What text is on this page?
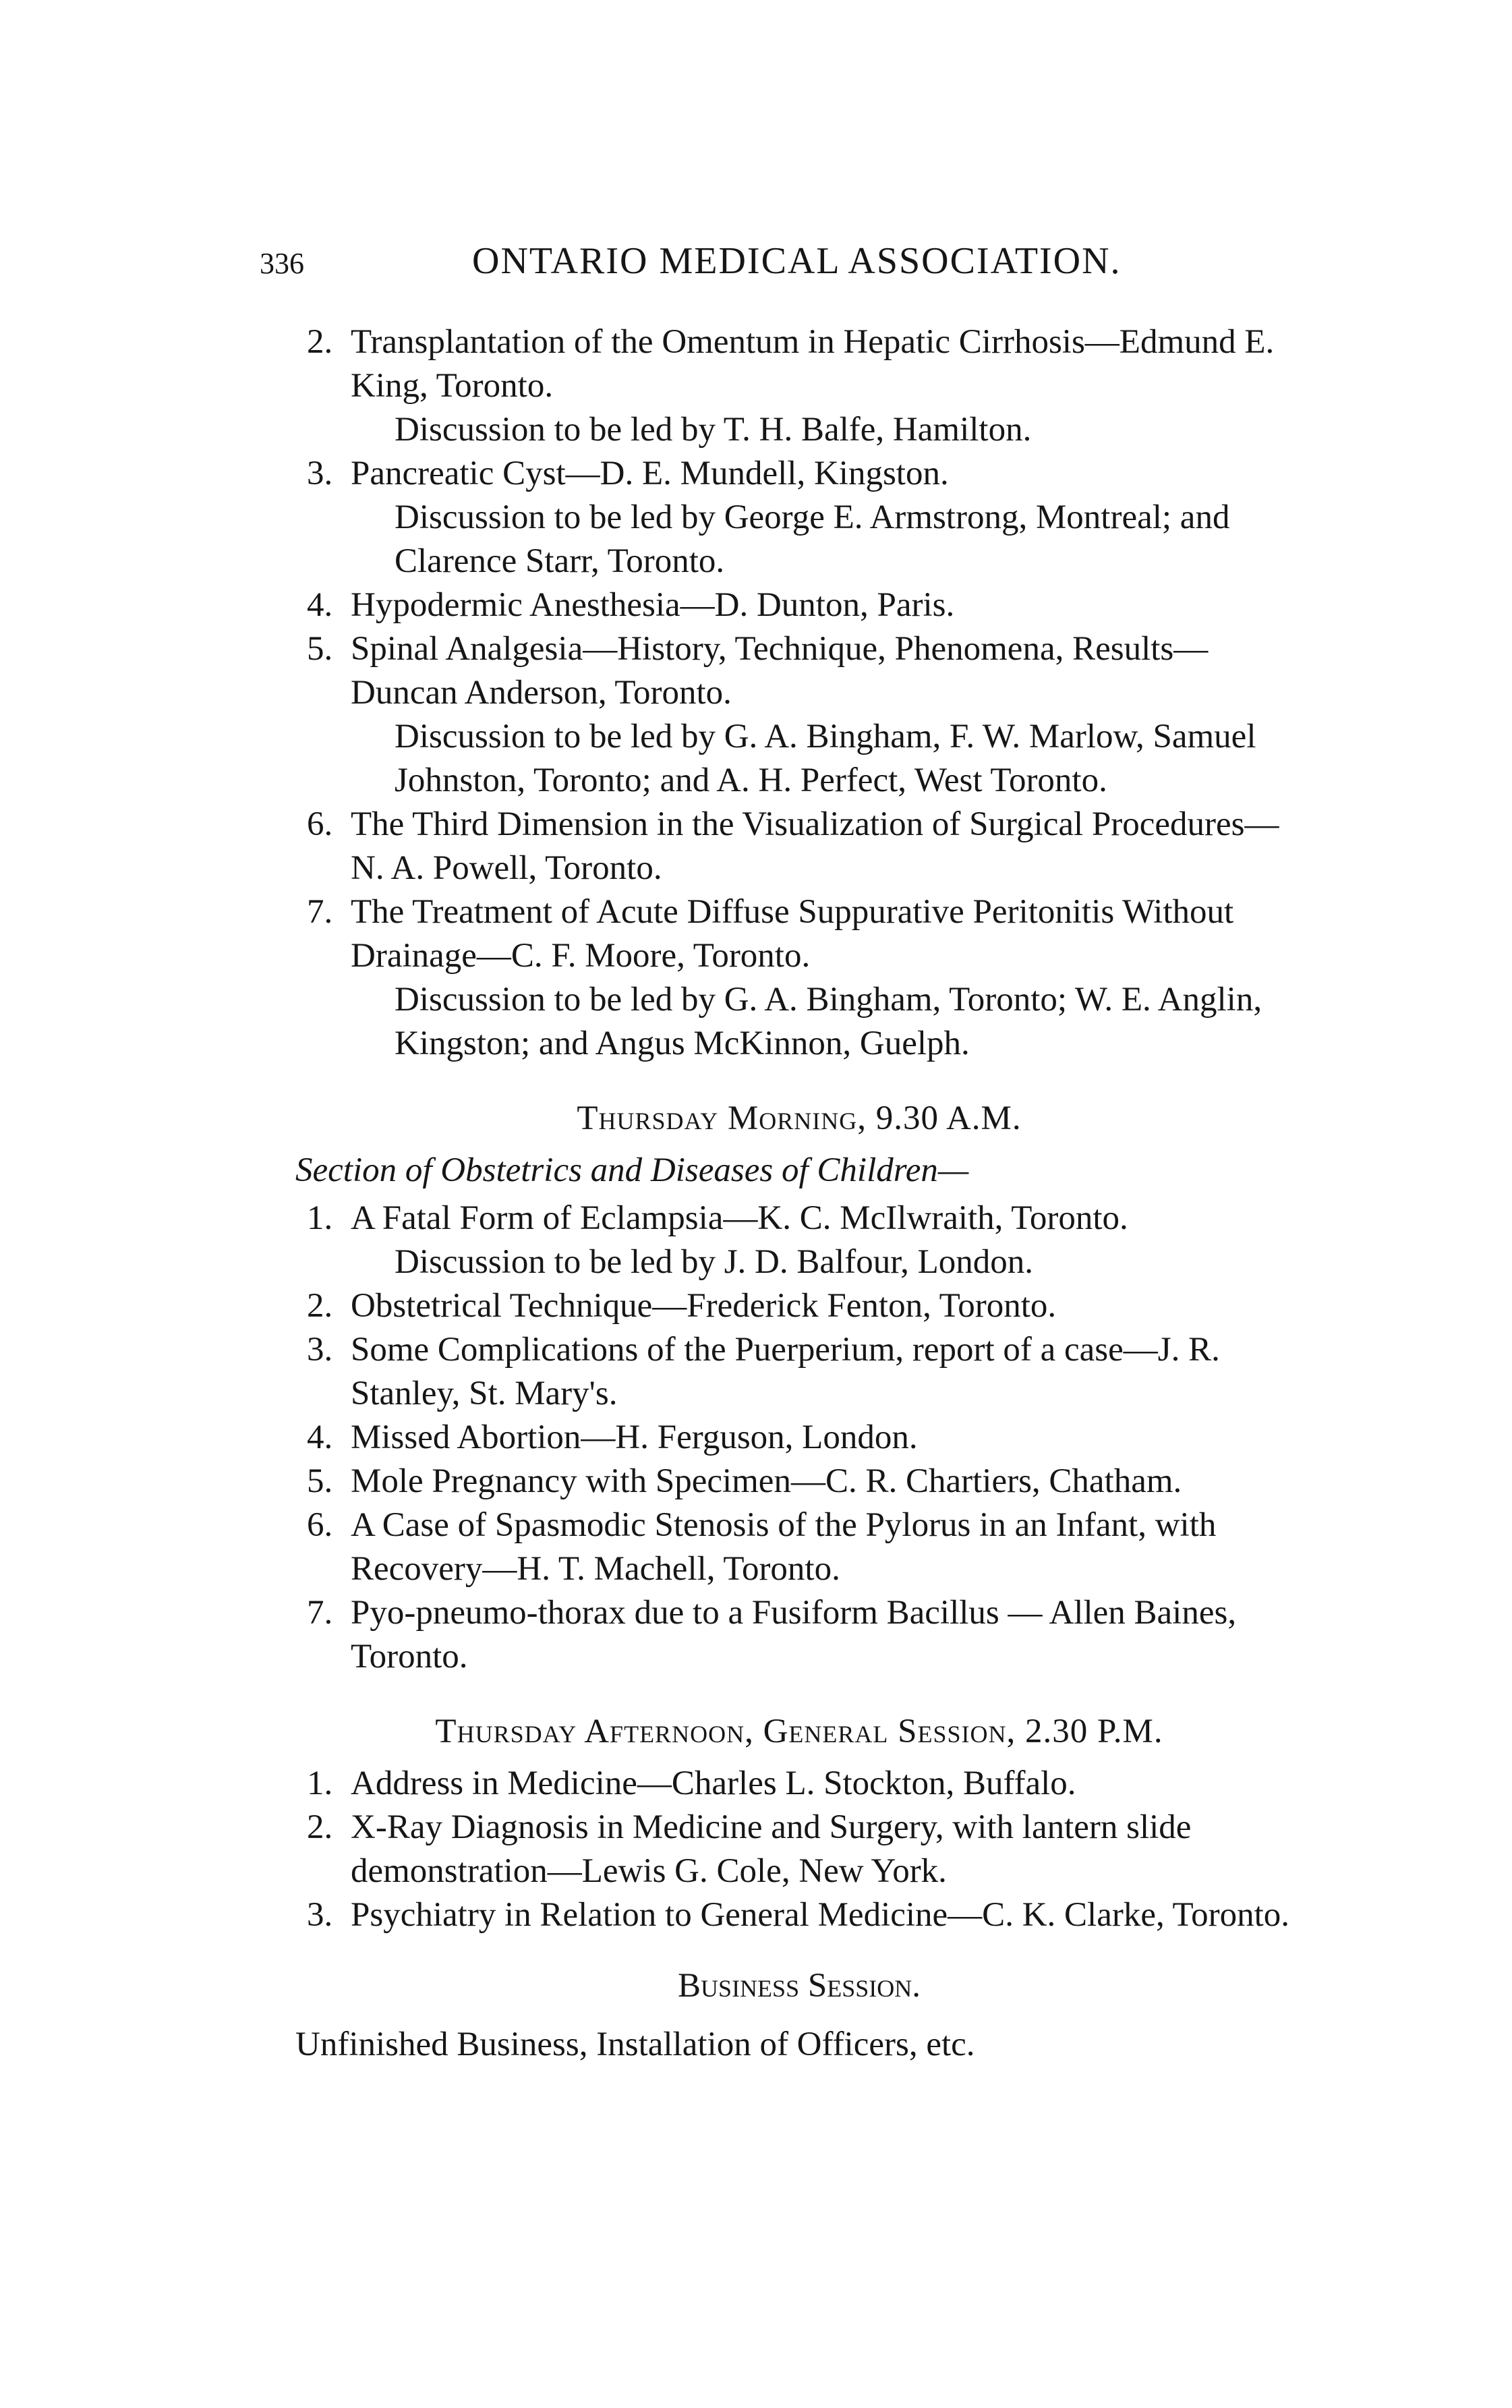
336	ONTARIO MEDICAL ASSOCIATION.
2. Transplantation of the Omentum in Hepatic Cirrhosis—Edmund E. King, Toronto.
Discussion to be led by T. H. Balfe, Hamilton.
3. Pancreatic Cyst—D. E. Mundell, Kingston.
Discussion to be led by George E. Armstrong, Montreal; and Clarence Starr, Toronto.
4. Hypodermic Anesthesia—D. Dunton, Paris.
5. Spinal Analgesia—History, Technique, Phenomena, Results—Duncan Anderson, Toronto.
Discussion to be led by G. A. Bingham, F. W. Marlow, Samuel Johnston, Toronto; and A. H. Perfect, West Toronto.
6. The Third Dimension in the Visualization of Surgical Procedures—N. A. Powell, Toronto.
7. The Treatment of Acute Diffuse Suppurative Peritonitis Without Drainage—C. F. Moore, Toronto.
Discussion to be led by G. A. Bingham, Toronto; W. E. Anglin, Kingston; and Angus McKinnon, Guelph.
Thursday Morning, 9.30 A.M.
Section of Obstetrics and Diseases of Children—
1. A Fatal Form of Eclampsia—K. C. McIlwraith, Toronto.
Discussion to be led by J. D. Balfour, London.
2. Obstetrical Technique—Frederick Fenton, Toronto.
3. Some Complications of the Puerperium, report of a case—J. R. Stanley, St. Mary's.
4. Missed Abortion—H. Ferguson, London.
5. Mole Pregnancy with Specimen—C. R. Chartiers, Chatham.
6. A Case of Spasmodic Stenosis of the Pylorus in an Infant, with Recovery—H. T. Machell, Toronto.
7. Pyo-pneumo-thorax due to a Fusiform Bacillus — Allen Baines, Toronto.
Thursday Afternoon, General Session, 2.30 P.M.
1. Address in Medicine—Charles L. Stockton, Buffalo.
2. X-Ray Diagnosis in Medicine and Surgery, with lantern slide demonstration—Lewis G. Cole, New York.
3. Psychiatry in Relation to General Medicine—C. K. Clarke, Toronto.
Business Session.
Unfinished Business, Installation of Officers, etc.
